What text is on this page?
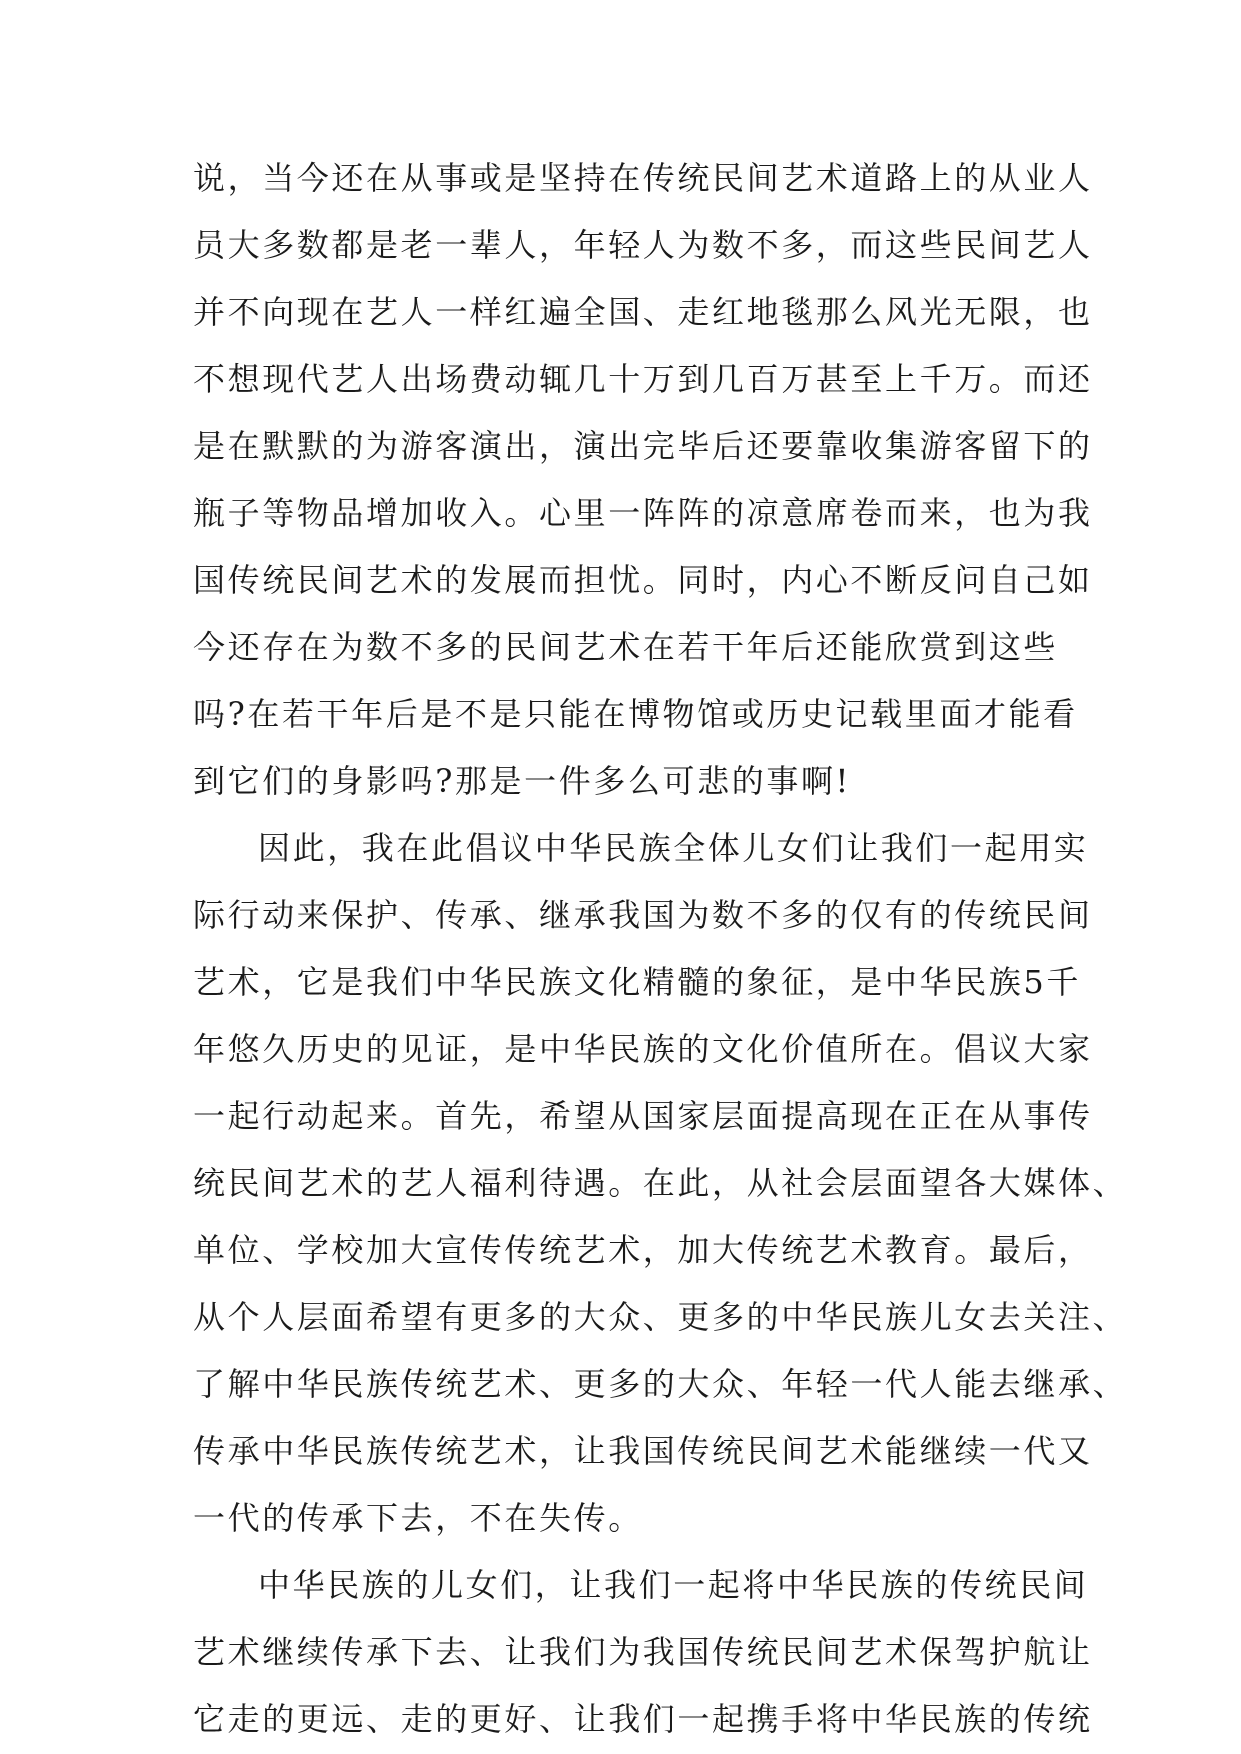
说，当今还在从事或是坚持在传统民间艺术道路上的从业人
员大多数都是老一辈人，年轻人为数不多，而这些民间艺人
并不向现在艺人一样红遍全国、走红地毯那么风光无限，也
不想现代艺人出场费动辄几十万到几百万甚至上千万。而还
是在默默的为游客演出，演出完毕后还要靠收集游客留下的
瓶子等物品增加收入。心里一阵阵的凉意席卷而来，也为我
国传统民间艺术的发展而担忧。同时，内心不断反问自己如
今还存在为数不多的民间艺术在若干年后还能欣赏到这些
吗?在若干年后是不是只能在博物馆或历史记载里面才能看
到它们的身影吗?那是一件多么可悲的事啊!
因此，我在此倡议中华民族全体儿女们让我们一起用实
际行动来保护、传承、继承我国为数不多的仅有的传统民间
艺术，它是我们中华民族文化精髓的象征，是中华民族5千
年悠久历史的见证，是中华民族的文化价值所在。倡议大家
一起行动起来。首先，希望从国家层面提高现在正在从事传
统民间艺术的艺人福利待遇。在此，从社会层面望各大媒体、
单位、学校加大宣传传统艺术，加大传统艺术教育。最后，
从个人层面希望有更多的大众、更多的中华民族儿女去关注、
了解中华民族传统艺术、更多的大众、年轻一代人能去继承、
传承中华民族传统艺术，让我国传统民间艺术能继续一代又
一代的传承下去，不在失传。
中华民族的儿女们，让我们一起将中华民族的传统民间
艺术继续传承下去、让我们为我国传统民间艺术保驾护航让
它走的更远、走的更好、让我们一起携手将中华民族的传统
